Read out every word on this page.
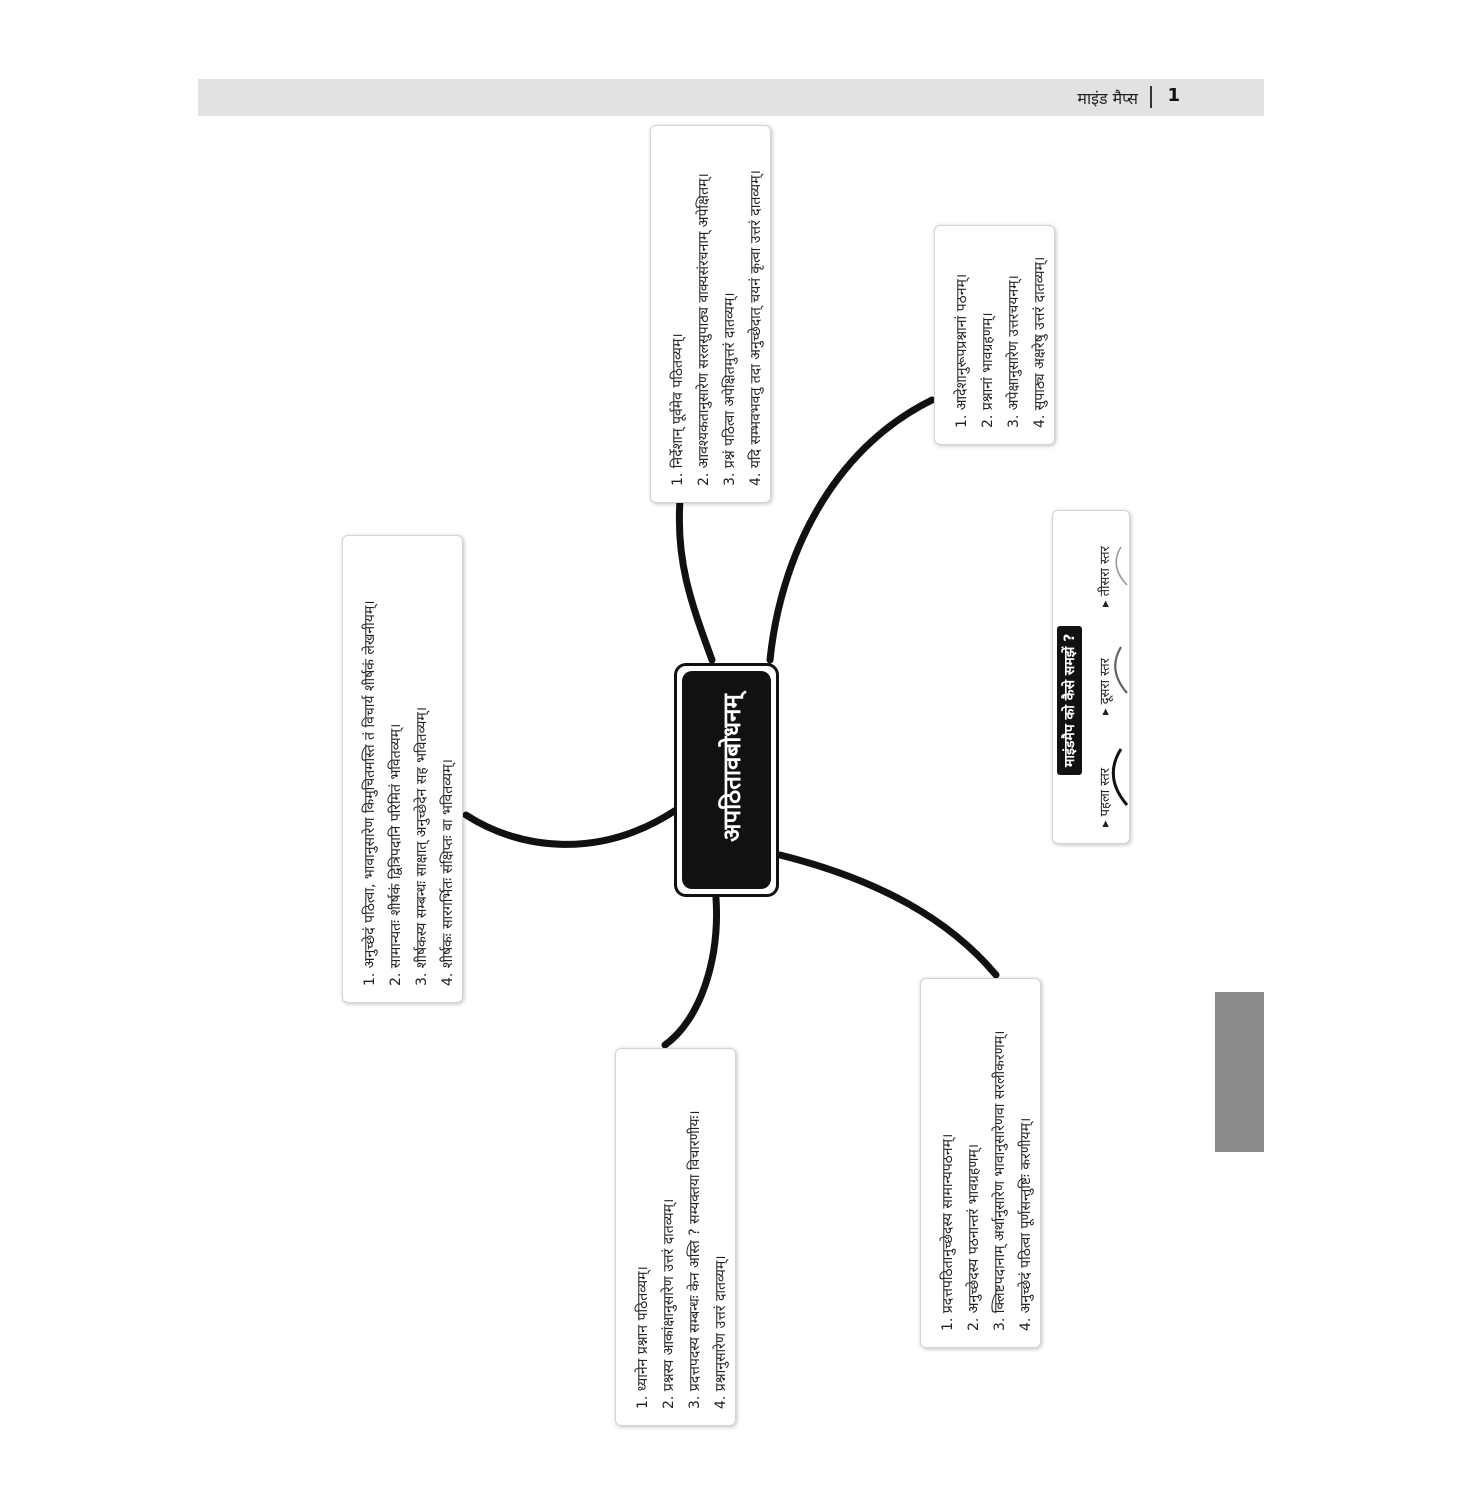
माइंड मैप्स 1
अपठितावबोधनम्
1. निर्देशान् पूर्वमेव पठितव्यम्। 2. आवश्यकतानुसारेण सरलसुपाठ्य वाक्यसंरचनाम् अपेक्षितम्। 3. प्रश्नं पठित्वा अपेक्षितमुत्तरं दातव्यम्। 4. यदि सम्भवभवतु तदा अनुच्छेदात् चयनं कृत्वा उत्तरं दातव्यम्।	1. आदेशानुरूपप्रश्नानां पठनम्। 2. प्रश्नानां भावग्रहणम्। 3. अपेक्षानुसारेण उत्तरचयनम्। 4. सुपाठ्य अक्षरेषु उत्तरं दातव्यम्।
1. अनुच्छेदं पठित्वा, भावानुसारेण किमुचितमस्ति तं विचार्य शीर्षकं लेखनीयम्। 2. सामान्यतः शीर्षकं द्वित्रिपदानि परिमितं भवितव्यम्। 3. शीर्षकस्य सम्बन्धः साक्षात् अनुच्छेदेन सह भवितव्यम्। 4. शीर्षकः सारगर्भितः संक्षिप्तः वा भवितव्यम्।
1. ध्यानेन प्रश्नान पठितव्यम्। 2. प्रश्नस्य आकांक्षानुसारेण उत्तरं दातव्यम्। 3. प्रदत्तपदस्य सम्बन्धः केन अस्ति ? सम्यक्तया विचारणीयः। 4. प्रश्नानुसारेण उत्तरं दातव्यम्।
1. प्रदत्तपठितानुच्छेदस्य सामान्यपठनम्। 2. अनुच्छेदस्य पठनान्तरं भावग्रहणम्। 3. क्लिष्टपदानाम् अर्थानुसारेण भावानुसारेणवा सरलीकरणम्। 4. अनुच्छेदं पठित्वा पूर्णसन्तुष्टिः करणीयम्।
माइंडमैप को कैसे समझें ?
▸ पहला स्तर
▸ दूसरा स्तर
▸ तीसरा स्तर
